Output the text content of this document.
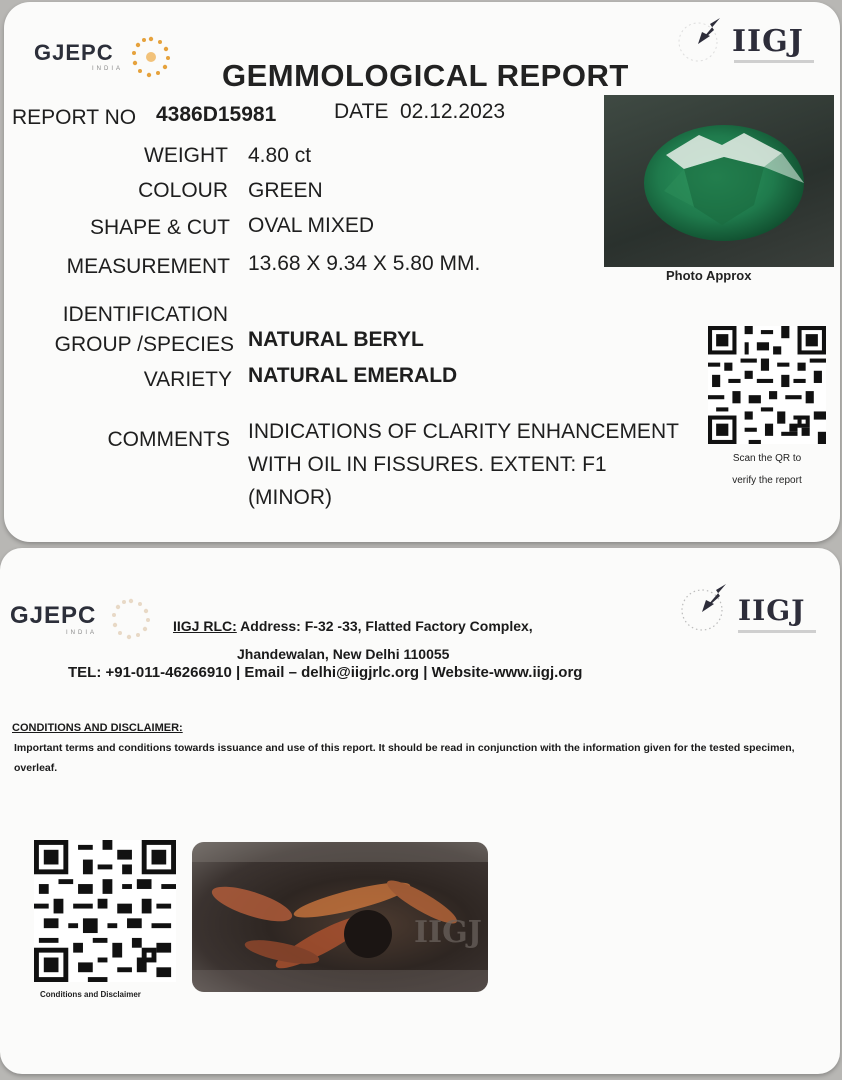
GJEPC
INDIA
IIGJ
GEMMOLOGICAL REPORT
REPORT NO 4386D15981	DATE 02.12.2023
WEIGHT 4.80 ct
COLOUR GREEN
SHAPE & CUT OVAL MIXED
MEASUREMENT 13.68 X 9.34 X 5.80 MM.
IDENTIFICATION
GROUP /SPECIES NATURAL BERYL
VARIETY NATURAL EMERALD
COMMENTS INDICATIONS OF CLARITY ENHANCEMENT
WITH OIL IN FISSURES. EXTENT: F1
(MINOR)
Photo Approx
Scan the QR to
verify the report
GJEPC
INDIA
IIGJ
IIGJ RLC: Address: F-32 -33, Flatted Factory Complex,
Jhandewalan, New Delhi 110055
TEL: +91-011-46266910 | Email – delhi@iigjrlc.org | Website-www.iigj.org
CONDITIONS AND DISCLAIMER:
Important terms and conditions towards issuance and use of this report. It should be read in conjunction with the information given for the tested specimen, overleaf.
Conditions and Disclaimer
IIGJ
